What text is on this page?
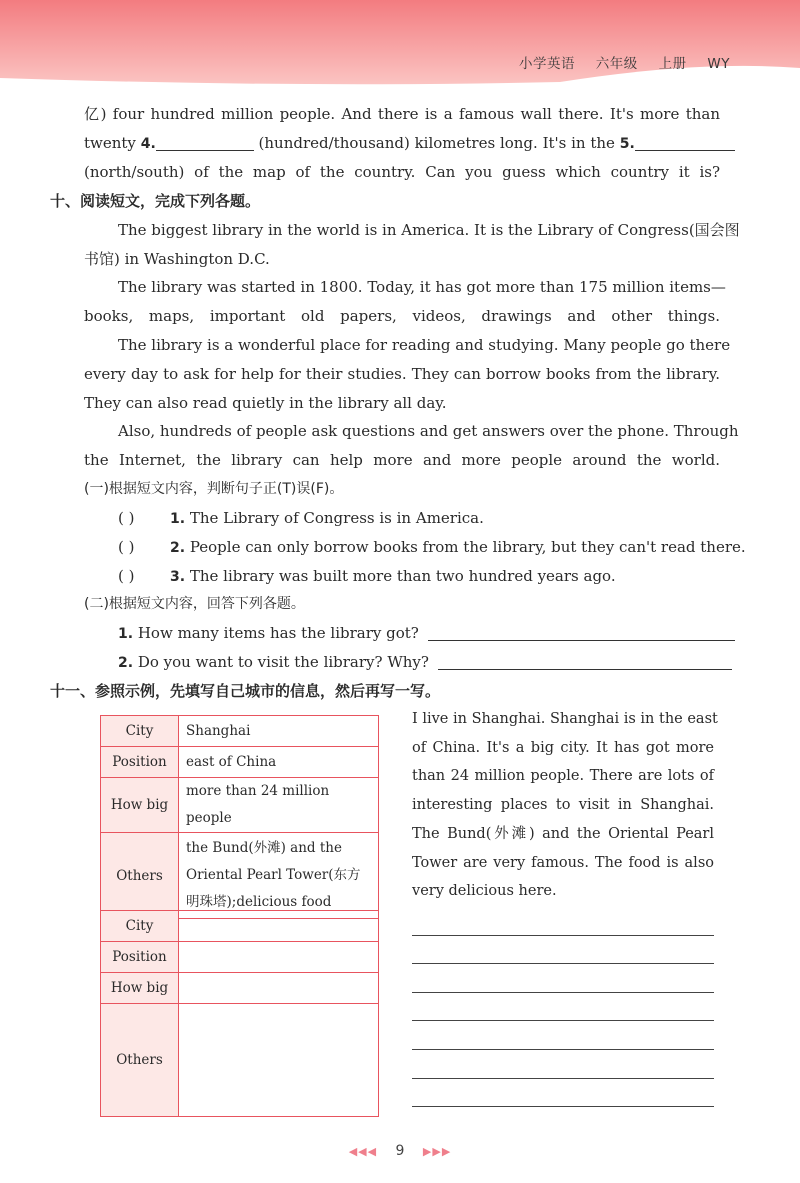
小学英语 六年级 上册 WY
亿) four hundred million people. And there is a famous wall there. It's more than
twenty 4.	(hundred/thousand) kilometres long. It's in the 5.
(north/south) of the map of the country. Can you guess which country it is?
十、阅读短文，完成下列各题。
The biggest library in the world is in America. It is the Library of Congress(国会图
书馆) in Washington D.C.
The library was started in 1800. Today, it has got more than 175 million items—
books, maps, important old papers, videos, drawings and other things.
The library is a wonderful place for reading and studying. Many people go there
every day to ask for help for their studies. They can borrow books from the library.
They can also read quietly in the library all day.
Also, hundreds of people ask questions and get answers over the phone. Through
the Internet, the library can help more and more people around the world.
(一)根据短文内容，判断句子正(T)误(F)。
( )	1. The Library of Congress is in America.
( )	2. People can only borrow books from the library, but they can't read there.
( )	3. The library was built more than two hundred years ago.
(二)根据短文内容，回答下列各题。
1. How many items has the library got?
2. Do you want to visit the library? Why?
十一、参照示例，先填写自己城市的信息，然后再写一写。
City	Shanghai
Position	east of China
How big	more than 24 million people
Others	the Bund(外滩) and the
Oriental Pearl Tower(东方
明珠塔);delicious food
City	
Position	
How big	
Others	
I live in Shanghai. Shanghai is in the east
of China. It's a big city. It has got more
than 24 million people. There are lots of
interesting places to visit in Shanghai.
The Bund(外滩) and the Oriental Pearl
Tower are very famous. The food is also
very delicious here.
◀◀◀ 9 ▶▶▶
